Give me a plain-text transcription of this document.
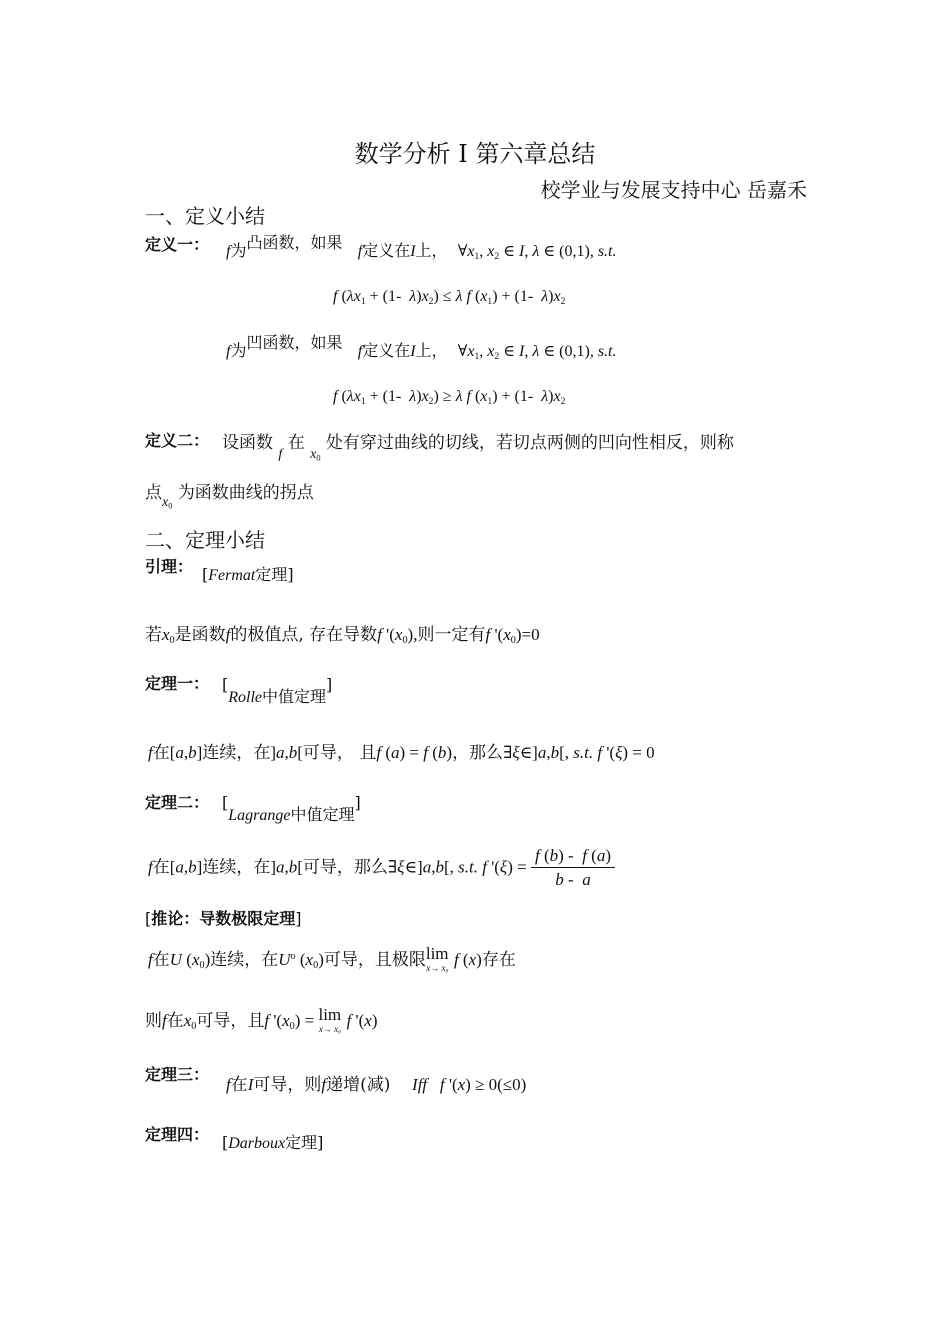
数学分析 I 第六章总结
校学业与发展支持中心 岳嘉禾
一、定义小结
定义一： f为凸函数，如果 f定义在I上， $\forall x_1$, $x_2$ ∈ I, λ ∈ (0,1), s.t.
f ($\lambda x_1 + (1-$  $\lambda)x_2) \le \lambda$ f $(x_1) + (1-$  $\lambda)x_2$
f为凹函数，如果 f定义在I上， $\forall x_1$, $x_2$ ∈ I, λ ∈ (0,1), s.t.
f ($\lambda x_1 + (1-$  $\lambda)x_2) \ge \lambda$ f $(x_1) + (1-$  $\lambda)x_2$
定义二： 设函数 $_f$ 在 $_{x_0}$ 处有穿过曲线的切线，若切点两侧的凹向性相反，则称
点$_{x_0}$ 为函数曲线的拐点
二、定理小结
引理： [Fermat定理]
若$x_0$是函数f的极值点, 存在导数f '$(x_0)$,则一定有f '$(x_0)=0$
定理一： [Rolle中值定理]
f在[a,b]连续，在]a,b[可导， 且f (a) = f (b)，那么∃ξ∈]a,b[, s.t. f '(ξ) = 0
定理二： [Lagrange中值定理]
f在[a,b]连续，在]a,b[可导，那么∃ξ∈]a,b[, s.t. f '$(\xi) = \frac{f (b) - f (a)}{b - a}$
[推论：导数极限定理]
f在U $(x_0)$连续，在$U^o$ $(x_0)$可导，且极限lim
$x\to x_0$
f (x)存在
则f在$x_0$可导，且f '$(x_0) = \lim$
$x\to x_0$
f '(x)
定理三：
f在I可导，则f递增(减) Iff f '(x) ≥ 0(≤0)
定理四： [Darboux定理]
